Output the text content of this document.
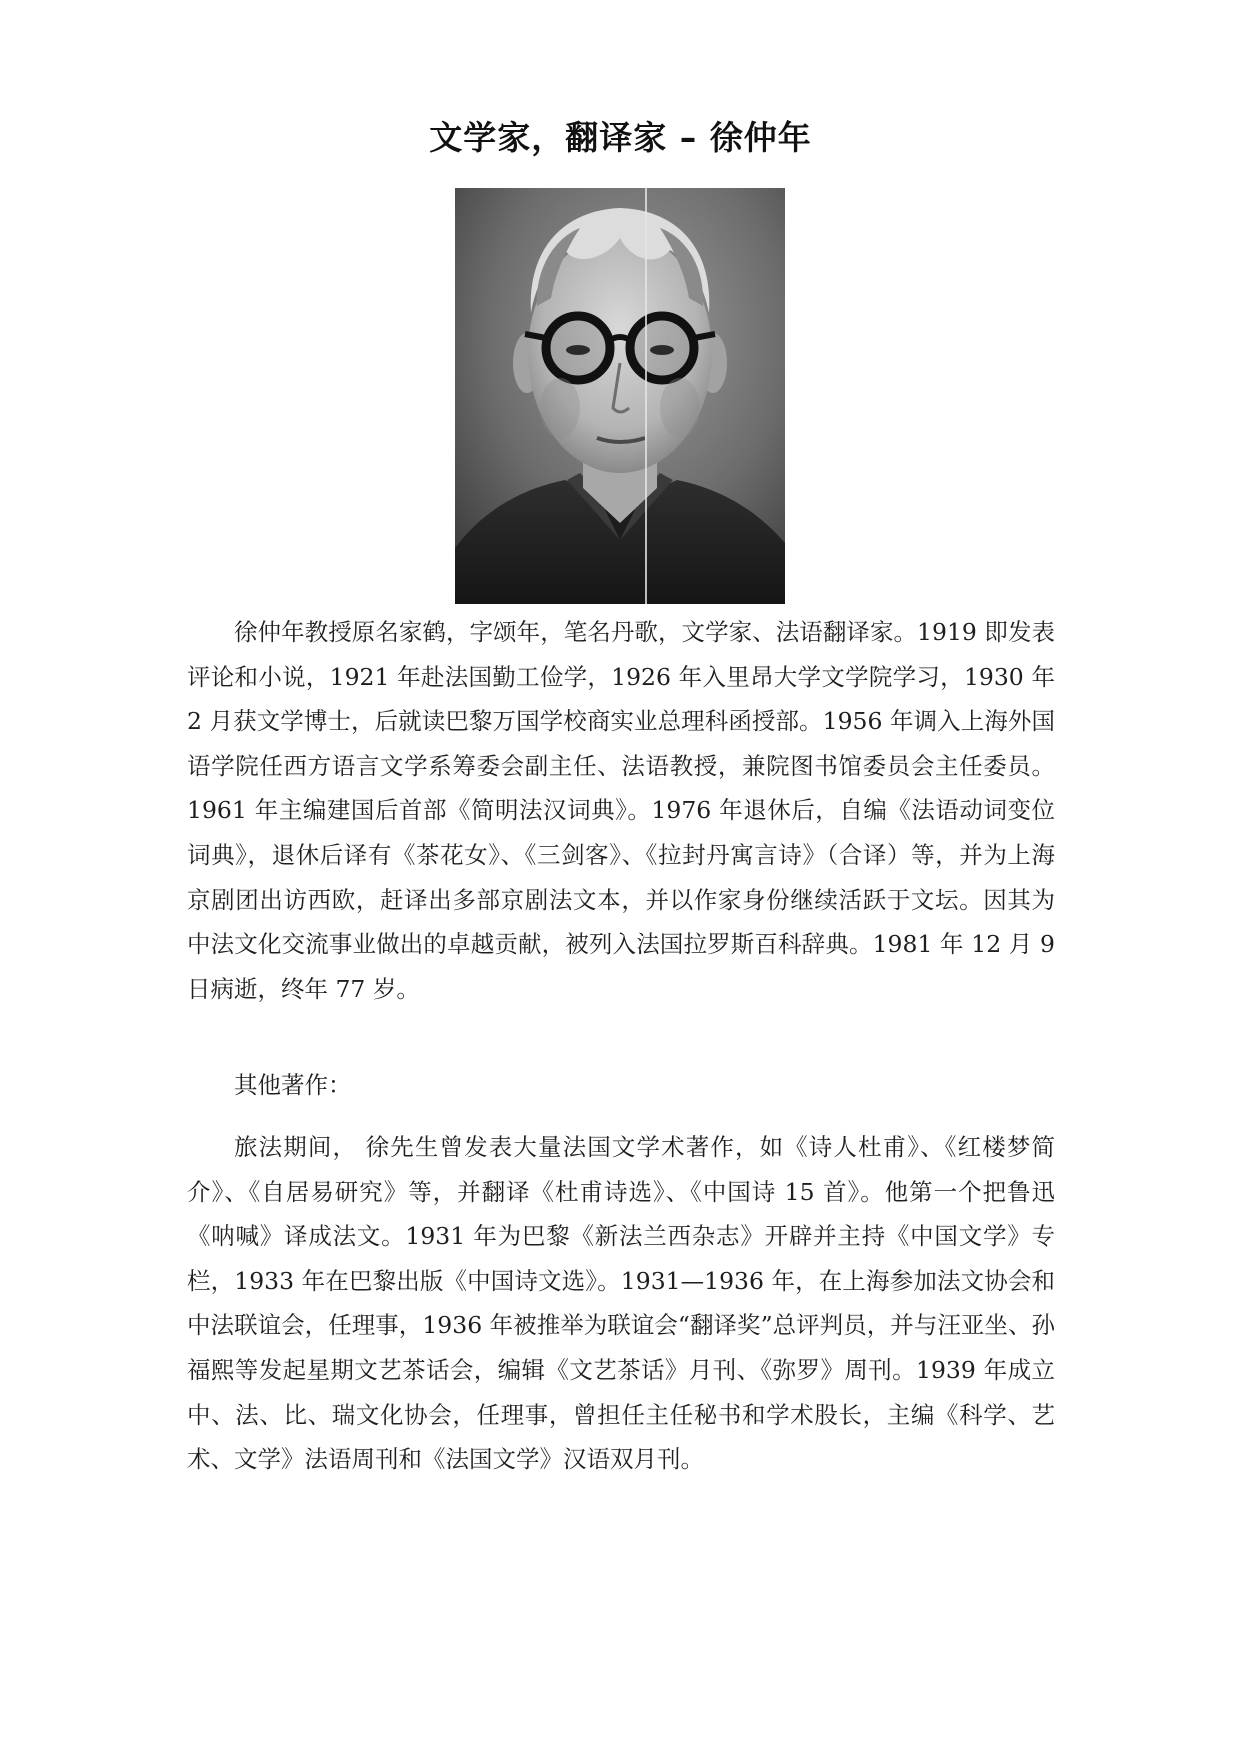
文学家，翻译家 – 徐仲年

徐仲年教授原名家鹤，字颂年，笔名丹歌，文学家、法语翻译家。1919 即发表评论和小说，1921 年赴法国勤工俭学，1926 年入里昂大学文学院学习，1930 年 2 月获文学博士，后就读巴黎万国学校商实业总理科函授部。1956 年调入上海外国语学院任西方语言文学系筹委会副主任、法语教授，兼院图书馆委员会主任委员。1961 年主编建国后首部《简明法汉词典》。1976 年退休后，自编《法语动词变位词典》，退休后译有《茶花女》、《三剑客》、《拉封丹寓言诗》（合译）等，并为上海京剧团出访西欧，赶译出多部京剧法文本，并以作家身份继续活跃于文坛。因其为中法文化交流事业做出的卓越贡献，被列入法国拉罗斯百科辞典。1981 年 12 月 9 日病逝，终年 77 岁。

其他著作：

旅法期间， 徐先生曾发表大量法国文学术著作，如《诗人杜甫》、《红楼梦简介》、《自居易研究》等，并翻译《杜甫诗选》、《中国诗 15 首》。他第一个把鲁迅《呐喊》译成法文。1931 年为巴黎《新法兰西杂志》开辟并主持《中国文学》专栏，1933 年在巴黎出版《中国诗文选》。1931—1936 年，在上海参加法文协会和中法联谊会，任理事，1936 年被推举为联谊会“翻译奖”总评判员，并与汪亚坐、孙福熙等发起星期文艺茶话会，编辑《文艺茶话》月刊、《弥罗》周刊。1939 年成立中、法、比、瑞文化协会，任理事，曾担任主任秘书和学术股长，主编《科学、艺术、文学》法语周刊和《法国文学》汉语双月刊。
